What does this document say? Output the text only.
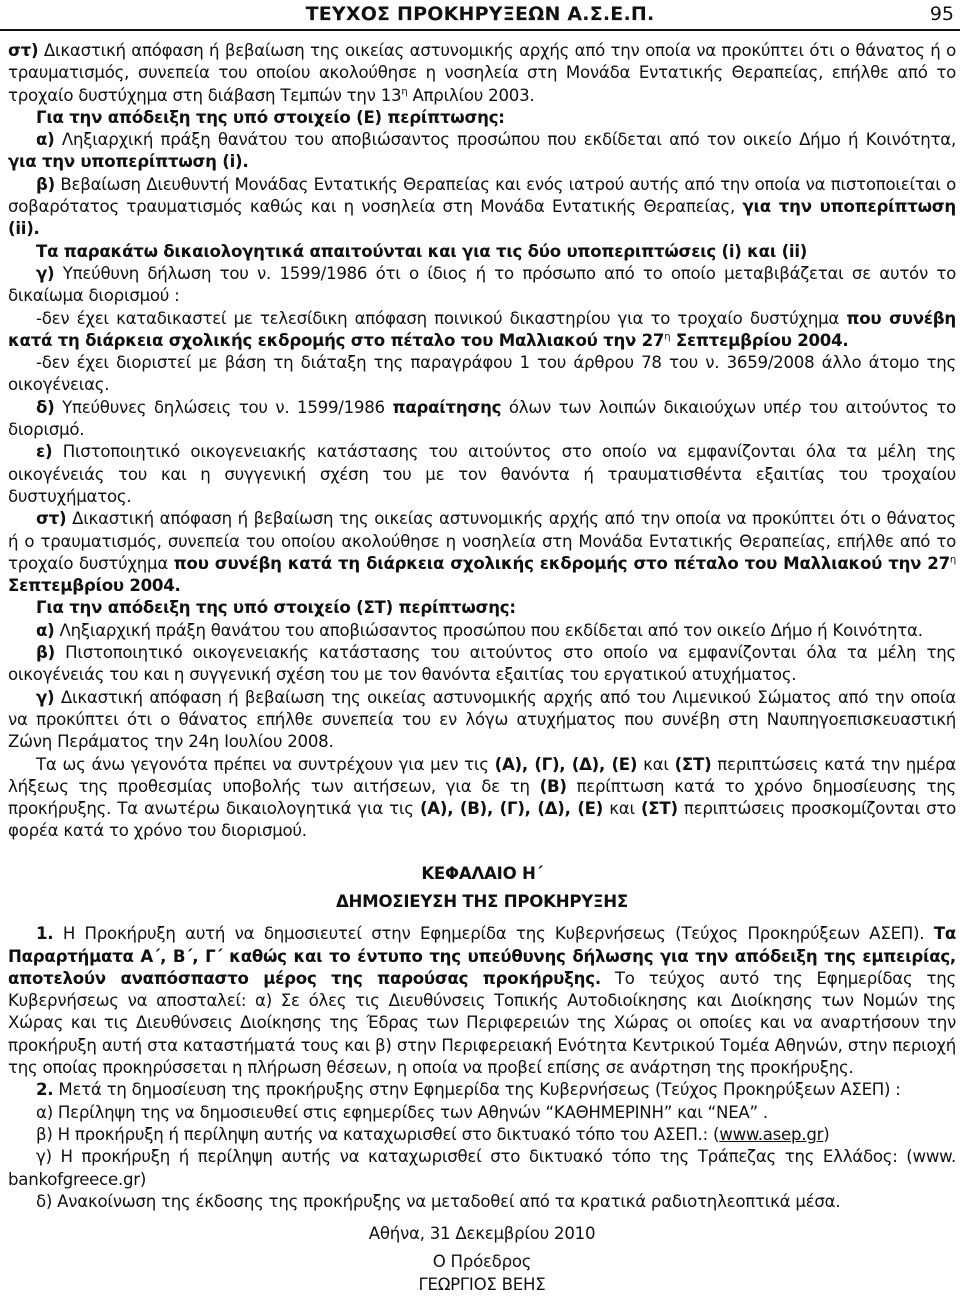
ΤΕΥΧΟΣ ΠΡΟΚΗΡΥΞΕΩΝ Α.Σ.Ε.Π.	95

στ) Δικαστική απόφαση ή βεβαίωση της οικείας αστυνομικής αρχής από την οποία να προκύπτει ότι ο θάνατος ή ο τραυματισμός, συνεπεία του οποίου ακολούθησε η νοσηλεία στη Μονάδα Εντατικής Θεραπείας, επήλθε από το τροχαίο δυστύχημα στη διάβαση Τεμπών την $13^\eta$ Απριλίου 2003.

Για την απόδειξη της υπό στοιχείο (Ε) περίπτωσης:

α) Ληξιαρχική πράξη θανάτου του αποβιώσαντος προσώπου που εκδίδεται από τον οικείο Δήμο ή Κοινότητα, για την υποπερίπτωση (i).

β) Βεβαίωση Διευθυντή Μονάδας Εντατικής Θεραπείας και ενός ιατρού αυτής από την οποία να πιστοποιείται ο σοβαρότατος τραυματισμός καθώς και η νοσηλεία στη Μονάδα Εντατικής Θεραπείας, για την υποπερίπτωση (ii).

Τα παρακάτω δικαιολογητικά απαιτούνται και για τις δύο υποπεριπτώσεις (i) και (ii)

γ) Υπεύθυνη δήλωση του ν. 1599/1986 ότι ο ίδιος ή το πρόσωπο από το οποίο μεταβιβάζεται σε αυτόν το δικαίωμα διορισμού :

-δεν έχει καταδικαστεί με τελεσίδικη απόφαση ποινικού δικαστηρίου για το τροχαίο δυστύχημα που συνέβη κατά τη διάρκεια σχολικής εκδρομής στο πέταλο του Μαλλιακού την $27^\eta$ Σεπτεμβρίου 2004.

-δεν έχει διοριστεί με βάση τη διάταξη της παραγράφου 1 του άρθρου 78 του ν. 3659/2008 άλλο άτομο της οικογένειας.

δ) Υπεύθυνες δηλώσεις του ν. 1599/1986 παραίτησης όλων των λοιπών δικαιούχων υπέρ του αιτούντος το διορισμό.

ε) Πιστοποιητικό οικογενειακής κατάστασης του αιτούντος στο οποίο να εμφανίζονται όλα τα μέλη της οικογένειάς του και η συγγενική σχέση του με τον θανόντα ή τραυματισθέντα εξαιτίας του τροχαίου δυστυχήματος.

στ) Δικαστική απόφαση ή βεβαίωση της οικείας αστυνομικής αρχής από την οποία να προκύπτει ότι ο θάνατος ή ο τραυματισμός, συνεπεία του οποίου ακολούθησε η νοσηλεία στη Μονάδα Εντατικής Θεραπείας, επήλθε από το τροχαίο δυστύχημα που συνέβη κατά τη διάρκεια σχολικής εκδρομής στο πέταλο του Μαλλιακού την $27^\eta$ Σεπτεμβρίου 2004.

Για την απόδειξη της υπό στοιχείο (ΣΤ) περίπτωσης:

α) Ληξιαρχική πράξη θανάτου του αποβιώσαντος προσώπου που εκδίδεται από τον οικείο Δήμο ή Κοινότητα.

β) Πιστοποιητικό οικογενειακής κατάστασης του αιτούντος στο οποίο να εμφανίζονται όλα τα μέλη της οικογένειάς του και η συγγενική σχέση του με τον θανόντα εξαιτίας του εργατικού ατυχήματος.

γ) Δικαστική απόφαση ή βεβαίωση της οικείας αστυνομικής αρχής από του Λιμενικού Σώματος από την οποία να προκύπτει ότι ο θάνατος επήλθε συνεπεία του εν λόγω ατυχήματος που συνέβη στη Ναυπηγοεπισκευαστική Ζώνη Περάματος την 24η Ιουλίου 2008.

Τα ως άνω γεγονότα πρέπει να συντρέχουν για μεν τις (Α), (Γ), (Δ), (Ε) και (ΣΤ) περιπτώσεις κατά την ημέρα λήξεως της προθεσμίας υποβολής των αιτήσεων, για δε τη (Β) περίπτωση κατά το χρόνο δημοσίευσης της προκήρυξης. Τα ανωτέρω δικαιολογητικά για τις (Α), (Β), (Γ), (Δ), (Ε) και (ΣΤ) περιπτώσεις προσκομίζονται στο φορέα κατά το χρόνο του διορισμού.

ΚΕΦΑΛΑΙΟ Η΄

ΔΗΜΟΣΙΕΥΣΗ ΤΗΣ ΠΡΟΚΗΡΥΞΗΣ

1. Η Προκήρυξη αυτή να δημοσιευτεί στην Εφημερίδα της Κυβερνήσεως (Τεύχος Προκηρύξεων ΑΣΕΠ). Τα Παραρτήματα Α΄, Β΄, Γ΄ καθώς και το έντυπο της υπεύθυνης δήλωσης για την απόδειξη της εμπειρίας, αποτελούν αναπόσπαστο μέρος της παρούσας προκήρυξης. Το τεύχος αυτό της Εφημερίδας της Κυβερνήσεως να αποσταλεί: α) Σε όλες τις Διευθύνσεις Τοπικής Αυτοδιοίκησης και Διοίκησης των Νομών της Χώρας και τις Διευθύνσεις Διοίκησης της Έδρας των Περιφερειών της Χώρας οι οποίες και να αναρτήσουν την προκήρυξη αυτή στα καταστήματά τους και β) στην Περιφερειακή Ενότητα Κεντρικού Τομέα Αθηνών, στην περιοχή της οποίας προκηρύσσεται η πλήρωση θέσεων, η οποία να προβεί επίσης σε ανάρτηση της προκήρυξης.

2. Μετά τη δημοσίευση της προκήρυξης στην Εφημερίδα της Κυβερνήσεως (Τεύχος Προκηρύξεων ΑΣΕΠ) :

α) Περίληψη της να δημοσιευθεί στις εφημερίδες των Αθηνών “ΚΑΘΗΜΕΡΙΝΗ” και “ΝΕΑ” .

β) Η προκήρυξη ή περίληψη αυτής να καταχωρισθεί στο δικτυακό τόπο του ΑΣΕΠ.: (www.asep.gr)

γ) Η προκήρυξη ή περίληψη αυτής να καταχωρισθεί στο δικτυακό τόπο της Τράπεζας της Ελλάδος: (www. bankofgreece.gr)

δ) Ανακοίνωση της έκδοσης της προκήρυξης να μεταδοθεί από τα κρατικά ραδιοτηλεοπτικά μέσα.

Αθήνα, 31 Δεκεμβρίου 2010

Ο Πρόεδρος

ΓΕΩΡΓΙΟΣ ΒΕΗΣ
